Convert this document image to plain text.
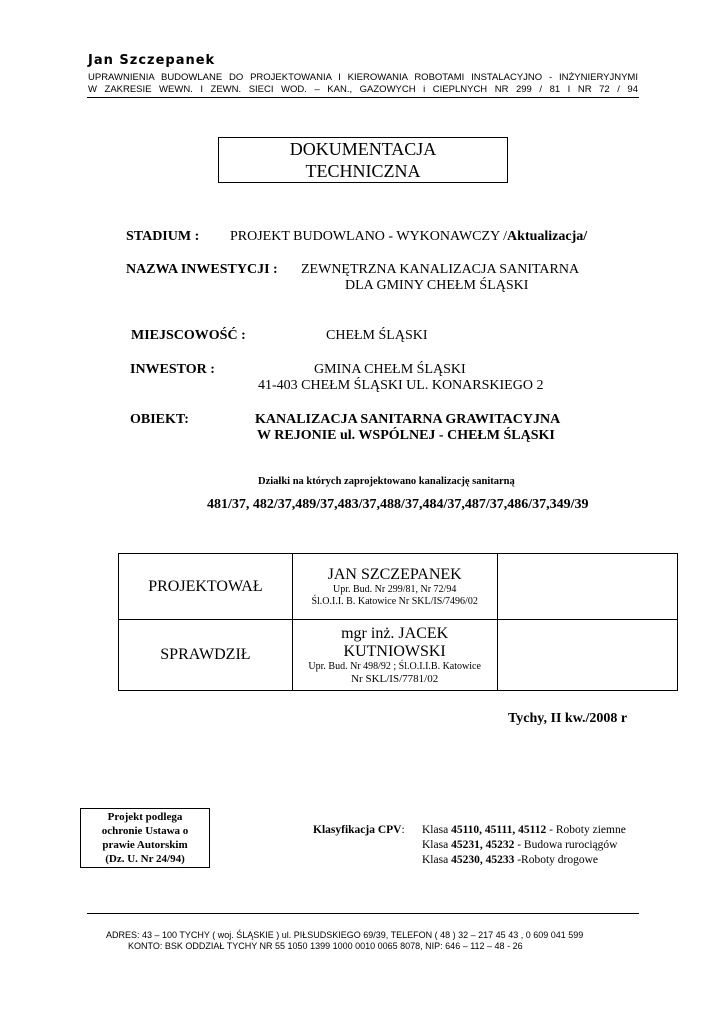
Jan Szczepanek
UPRAWNIENIA BUDOWLANE DO PROJEKTOWANIA I KIEROWANIA ROBOTAMI INSTALACYJNO - INŻYNIERYJNYMI
W ZAKRESIE WEWN. I ZEWN. SIECI WOD. – KAN., GAZOWYCH i CIEPLNYCH NR 299 / 81 I NR 72 / 94
DOKUMENTACJA
TECHNICZNA
STADIUM : PROJEKT BUDOWLANO - WYKONAWCZY /Aktualizacja/
NAZWA INWESTYCJI : ZEWNĘTRZNA KANALIZACJA SANITARNA
DLA GMINY CHEŁM ŚLĄSKI
MIEJSCOWOŚĆ :	CHEŁM ŚLĄSKI
INWESTOR :	GMINA CHEŁM ŚLĄSKI
41-403 CHEŁM ŚLĄSKI UL. KONARSKIEGO 2
OBIEKT:	KANALIZACJA SANITARNA GRAWITACYJNA
W REJONIE ul. WSPÓLNEJ - CHEŁM ŚLĄSKI
Działki na których zaprojektowano kanalizację sanitarną
481/37, 482/37,489/37,483/37,488/37,484/37,487/37,486/37,349/39
PROJEKTOWAŁ	JAN SZCZEPANEK
Upr. Bud. Nr 299/81, Nr 72/94
Śl.O.I.I. B. Katowice Nr SKL/IS/7496/02	

SPRAWDZIŁ	mgr inż. JACEK
KUTNIOWSKI
Upr. Bud. Nr 498/92 ; Śl.O.I.I.B. Katowice
Nr SKL/IS/7781/02	

Tychy, II kw./2008 r
Projekt podlega
ochronie Ustawa o
prawie Autorskim
(Dz. U. Nr 24/94)
Klasyfikacja CPV: Klasa 45110, 45111, 45112 - Roboty ziemne
Klasa 45231, 45232 - Budowa rurociągów
Klasa 45230, 45233 -Roboty drogowe
ADRES: 43 – 100 TYCHY ( woj. ŚLĄSKIE ) ul. PIŁSUDSKIEGO 69/39, TELEFON ( 48 ) 32 – 217 45 43 , 0 609 041 599
KONTO: BSK ODDZIAŁ TYCHY NR 55 1050 1399 1000 0010 0065 8078, NIP: 646 – 112 – 48 - 26
